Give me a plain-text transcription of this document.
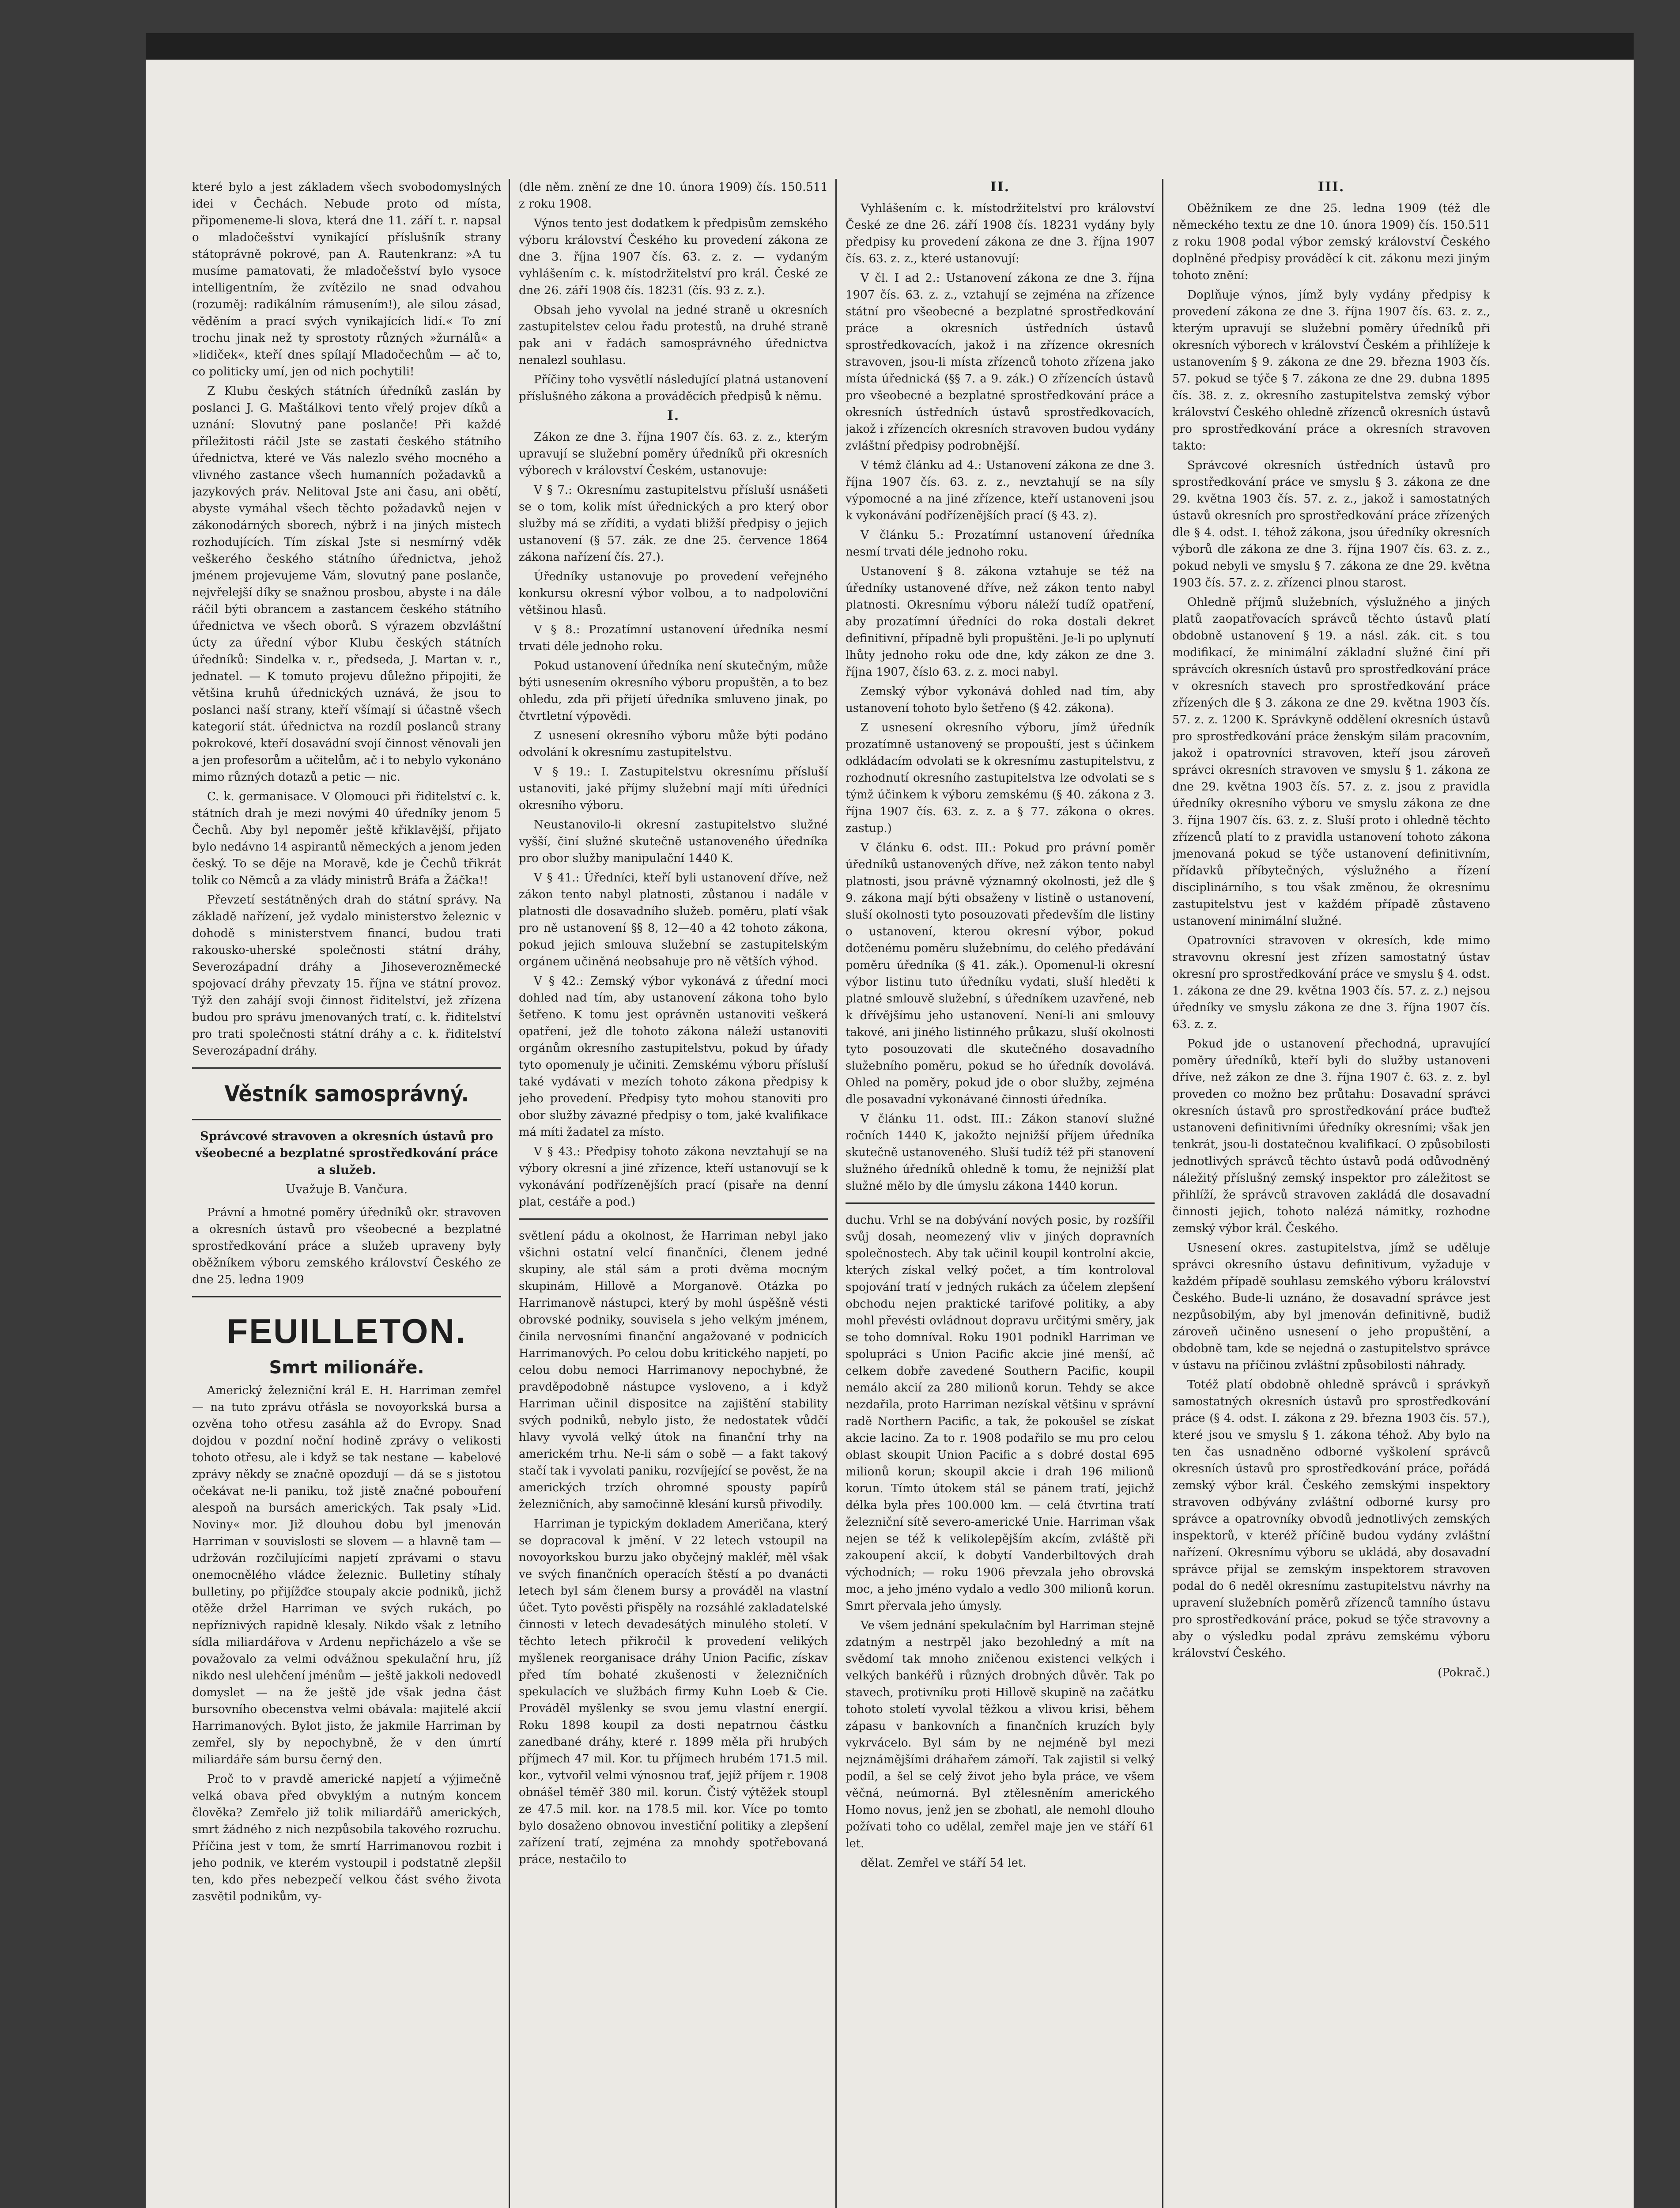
které bylo a jest základem všech svobodomyslných idei v Čechách. Nebude proto od místa, připomeneme-li slova, která dne 11. září t. r. napsal o mladočešství vynikající příslušník strany státoprávně pokrové, pan A. Rautenkranz: »A tu musíme pamatovati, že mladočešství bylo vysoce intelligentním, že zvítězilo ne snad odvahou (rozuměj: radikálním rámusením!), ale silou zásad, věděním a prací svých vynikajících lidí.« To zní trochu jinak než ty sprostoty různých »žurnálů« a »lidiček«, kteří dnes spílají Mladočechům — ač to, co politicky umí, jen od nich pochytili!

Z Klubu českých státních úředníků zaslán by poslanci J. G. Maštálkovi tento vřelý projev díků a uznání: Slovutný pane poslanče! Při každé příležitosti ráčil Jste se zastati českého státního úřednictva, které ve Vás nalezlo svého mocného a vlivného zastance všech humanních požadavků a jazykových práv. Nelitoval Jste ani času, ani obětí, abyste vymáhal všech těchto požadavků nejen v zákonodárných sborech, nýbrž i na jiných místech rozhodujících. Tím získal Jste si nesmírný vděk veškerého českého státního úřednictva, jehož jménem projevujeme Vám, slovutný pane poslanče, nejvřelejší díky se snažnou prosbou, abyste i na dále ráčil býti obrancem a zastancem českého státního úřednictva ve všech oborů. S výrazem obzvláštní úcty za úřední výbor Klubu českých státních úředníků: Sindelka v. r., předseda, J. Martan v. r., jednatel. — K tomuto projevu důležno připojiti, že většina kruhů úřednických uznává, že jsou to poslanci naší strany, kteří všímají si účastně všech kategorií stát. úřednictva na rozdíl poslanců strany pokrokové, kteří dosavádní svojí činnost věnovali jen a jen profesorům a učitelům, ač i to nebylo vykonáno mimo různých dotazů a petic — nic.

C. k. germanisace. V Olomouci při řiditelství c. k. státních drah je mezi novými 40 úředníky jenom 5 Čechů. Aby byl nepoměr ještě křiklavější, přijato bylo nedávno 14 aspirantů německých a jenom jeden český. To se děje na Moravě, kde je Čechů třikrát tolik co Němců a za vlády ministrů Bráfa a Žáčka!!

Převzetí sestátněných drah do státní správy. Na základě nařízení, jež vydalo ministerstvo železnic v dohodě s ministerstvem financí, budou trati rakousko-uherské společnosti státní dráhy, Severozápadní dráhy a Jihoseverozněmecké spojovací dráhy převzaty 15. října ve státní provoz. Týž den zahájí svoji činnost řiditelství, jež zřízena budou pro správu jmenovaných tratí, c. k. řiditelství pro trati společnosti státní dráhy a c. k. řiditelství Severozápadní dráhy.

Věstník samosprávný.
Správcové stravoven a okresních ústavů pro všeobecné a bezplatné sprostředkování práce a služeb.
Uvažuje B. Vančura.

Právní a hmotné poměry úředníků okr. stravoven a okresních ústavů pro všeobecné a bezplatné sprostředkování práce a služeb upraveny byly oběžníkem výboru zemského království Českého ze dne 25. ledna 1909

FEUILLETON.
Smrt milionáře.

Americký železniční král E. H. Harriman zemřel — na tuto zprávu otřásla se novoyorkská bursa a ozvěna toho otřesu zasáhla až do Evropy. Snad dojdou v pozdní noční hodině zprávy o velikosti tohoto otřesu, ale i když se tak nestane — kabelové zprávy někdy se značně opozdují — dá se s jistotou očekávat ne-li paniku, tož jistě značné pobouření alespoň na bursách amerických. Tak psaly »Lid. Noviny« mor. Již dlouhou dobu byl jmenován Harriman v souvislosti se slovem — a hlavně tam — udržován rozčilujícími napjetí zprávami o stavu onemocnělého vládce železnic. Bulletiny stíhaly bulletiny, po přijížďce stoupaly akcie podniků, jichž otěže držel Harriman ve svých rukách, po nepříznivých rapidně klesaly. Nikdo však z letního sídla miliardářova v Ardenu nepřicházelo a vše se považovalo za velmi odvážnou spekulační hru, jíž nikdo nesl ulehčení jménům — ještě jakkoli nedovedl domyslet — na že ještě jde však jedna část bursovního obecenstva velmi obávala: majitelé akcií Harrimanových. Bylot jisto, že jakmile Harriman by zemřel, sly by nepochybně, že v den úmrtí miliardáře sám bursu černý den.

Proč to v pravdě americké napjetí a výjimečně velká obava před obvyklým a nutným koncem člověka? Zemřelo již tolik miliardářů amerických, smrt žádného z nich nezpůsobila takového rozruchu. Příčina jest v tom, že smrtí Harrimanovou rozbit i jeho podnik, ve kterém vystoupil i podstatně zlepšil ten, kdo přes nebezpečí velkou část svého života zasvětil podnikům, vy-

(dle něm. znění ze dne 10. února 1909) čís. 150.511 z roku 1908.

Výnos tento jest dodatkem k předpisům zemského výboru království Českého ku provedení zákona ze dne 3. října 1907 čís. 63. z. z. — vydaným vyhlášením c. k. místodržitelství pro král. České ze dne 26. září 1908 čís. 18231 (čís. 93 z. z.).

Obsah jeho vyvolal na jedné straně u okresních zastupitelstev celou řadu protestů, na druhé straně pak ani v řadách samosprávného úřednictva nenalezl souhlasu.

Příčiny toho vysvětlí následující platná ustanovení příslušného zákona a prováděcích předpisů k němu.

I.

Zákon ze dne 3. října 1907 čís. 63. z. z., kterým upravují se služební poměry úředníků při okresních výborech v království Českém, ustanovuje:

V § 7.: Okresnímu zastupitelstvu přísluší usnášeti se o tom, kolik míst úřednických a pro který obor služby má se zříditi, a vydati bližší předpisy o jejich ustanovení (§ 57. zák. ze dne 25. července 1864 zákona nařízení čís. 27.).

Úředníky ustanovuje po provedení veřejného konkursu okresní výbor volbou, a to nadpoloviční většinou hlasů.

V § 8.: Prozatímní ustanovení úředníka nesmí trvati déle jednoho roku.

Pokud ustanovení úředníka není skutečným, může býti usnesením okresního výboru propuštěn, a to bez ohledu, zda při přijetí úředníka smluveno jinak, po čtvrtletní výpovědi.

Z usnesení okresního výboru může býti podáno odvolání k okresnímu zastupitelstvu.

V § 19.: I. Zastupitelstvu okresnímu přísluší ustanoviti, jaké příjmy služební mají míti úředníci okresního výboru.

Neustanovilo-li okresní zastupitelstvo služné vyšší, činí služné skutečně ustanoveného úředníka pro obor služby manipulační 1440 K.

V § 41.: Úředníci, kteří byli ustanovení dříve, než zákon tento nabyl platnosti, zůstanou i nadále v platnosti dle dosavadního služeb. poměru, platí však pro ně ustanovení §§ 8, 12—40 a 42 tohoto zákona, pokud jejich smlouva služební se zastupitelským orgánem učiněná neobsahuje pro ně větších výhod.

V § 42.: Zemský výbor vykonává z úřední moci dohled nad tím, aby ustanovení zákona toho bylo šetřeno. K tomu jest oprávněn ustanoviti veškerá opatření, jež dle tohoto zákona náleží ustanoviti orgánům okresního zastupitelstvu, pokud by úřady tyto opomenuly je učiniti. Zemskému výboru přísluší také vydávati v mezích tohoto zákona předpisy k jeho provedení. Předpisy tyto mohou stanoviti pro obor služby závazné předpisy o tom, jaké kvalifikace má míti žadatel za místo.

V § 43.: Předpisy tohoto zákona nevztahují se na výbory okresní a jiné zřízence, kteří ustanovují se k vykonávání podřízenějších prací (pisaře na denní plat, cestáře a pod.)

světlení pádu a okolnost, že Harriman nebyl jako všichni ostatní velcí finančníci, členem jedné skupiny, ale stál sám a proti dvěma mocným skupinám, Hillově a Morganově. Otázka po Harrimanově nástupci, který by mohl úspěšně vésti obrovské podniky, souvisela s jeho velkým jménem, činila nervosními finanční angažované v podnicích Harrimanových. Po celou dobu kritického napjetí, po celou dobu nemoci Harrimanovy nepochybné, že pravděpodobně nástupce vysloveno, a i když Harriman učinil dispositce na zajištění stability svých podniků, nebylo jisto, že nedostatek vůdčí hlavy vyvolá velký útok na finanční trhy na americkém trhu. Ne-li sám o sobě — a fakt takový stačí tak i vyvolati paniku, rozvíjející se pověst, že na amerických trzích ohromné spousty papírů železničních, aby samočinně klesání kursů přivodily.

Harriman je typickým dokladem Američana, který se dopracoval k jmění. V 22 letech vstoupil na novoyorkskou burzu jako obyčejný makléř, měl však ve svých finančních operacích štěstí a po dvanácti letech byl sám členem bursy a prováděl na vlastní účet. Tyto pověsti přispěly na rozsáhlé zakladatelské činnosti v letech devadesátých minulého století. V těchto letech přikročil k provedení velikých myšlenek reorganisace dráhy Union Pacific, získav před tím bohaté zkušenosti v železničních spekulacích ve službách firmy Kuhn Loeb & Cie. Prováděl myšlenky se svou jemu vlastní energií. Roku 1898 koupil za dosti nepatrnou částku zanedbané dráhy, které r. 1899 měla při hrubých příjmech 47 mil. Kor. tu příjmech hrubém 171.5 mil. kor., vytvořil velmi výnosnou trať, jejíž příjem r. 1908 obnášel téměř 380 mil. korun. Čistý výtěžek stoupl ze 47.5 mil. kor. na 178.5 mil. kor. Více po tomto bylo dosaženo obnovou investiční politiky a zlepšení zařízení tratí, zejména za mnohdy spotřebovaná práce, nestačilo to

II.

Vyhlášením c. k. místodržitelství pro království České ze dne 26. září 1908 čís. 18231 vydány byly předpisy ku provedení zákona ze dne 3. října 1907 čís. 63. z. z., které ustanovují:

V čl. I ad 2.: Ustanovení zákona ze dne 3. října 1907 čís. 63. z. z., vztahují se zejména na zřízence státní pro všeobecné a bezplatné sprostředkování práce a okresních ústředních ústavů sprostředkovacích, jakož i na zřízence okresních stravoven, jsou-li místa zřízenců tohoto zřízena jako místa úřednická (§§ 7. a 9. zák.) O zřízencích ústavů pro všeobecné a bezplatné sprostředkování práce a okresních ústředních ústavů sprostředkovacích, jakož i zřízencích okresních stravoven budou vydány zvláštní předpisy podrobnější.

V témž článku ad 4.: Ustanovení zákona ze dne 3. října 1907 čís. 63. z. z., nevztahují se na síly výpomocné a na jiné zřízence, kteří ustanoveni jsou k vykonávání podřízenějších prací (§ 43. z).

V článku 5.: Prozatímní ustanovení úředníka nesmí trvati déle jednoho roku.

Ustanovení § 8. zákona vztahuje se též na úředníky ustanovené dříve, než zákon tento nabyl platnosti. Okresnímu výboru náleží tudíž opatření, aby prozatímní úředníci do roka dostali dekret definitivní, případně byli propuštěni. Je-li po uplynutí lhůty jednoho roku ode dne, kdy zákon ze dne 3. října 1907, číslo 63. z. z. moci nabyl.

Zemský výbor vykonává dohled nad tím, aby ustanovení tohoto bylo šetřeno (§ 42. zákona).

Z usnesení okresního výboru, jímž úředník prozatímně ustanovený se propouští, jest s účinkem odkládacím odvolati se k okresnímu zastupitelstvu, z rozhodnutí okresního zastupitelstva lze odvolati se s týmž účinkem k výboru zemskému (§ 40. zákona z 3. října 1907 čís. 63. z. z. a § 77. zákona o okres. zastup.)

V článku 6. odst. III.: Pokud pro právní poměr úředníků ustanovených dříve, než zákon tento nabyl platnosti, jsou právně významný okolnosti, jež dle § 9. zákona mají býti obsaženy v listině o ustanovení, sluší okolnosti tyto posouzovati především dle listiny o ustanovení, kterou okresní výbor, pokud dotčenému poměru služebnímu, do celého předávání poměru úředníka (§ 41. zák.). Opomenul-li okresní výbor listinu tuto úředníku vydati, sluší hleděti k platné smlouvě služební, s úředníkem uzavřené, neb k dřívějšímu jeho ustanovení. Není-li ani smlouvy takové, ani jiného listinného průkazu, sluší okolnosti tyto posouzovati dle skutečného dosavadního služebního poměru, pokud se ho úředník dovolává. Ohled na poměry, pokud jde o obor služby, zejména dle posavadní vykonávané činnosti úředníka.

V článku 11. odst. III.: Zákon stanoví služné ročních 1440 K, jakožto nejnižší příjem úředníka skutečně ustanoveného. Sluší tudíž též při stanovení služného úředníků ohledně k tomu, že nejnižší plat služné mělo by dle úmyslu zákona 1440 korun.

duchu. Vrhl se na dobývání nových posic, by rozšířil svůj dosah, neomezený vliv v jiných dopravních společnostech. Aby tak učinil koupil kontrolní akcie, kterých získal velký počet, a tím kontroloval spojování tratí v jedných rukách za účelem zlepšení obchodu nejen praktické tarifové politiky, a aby mohl převésti ovládnout dopravu určitými směry, jak se toho domníval. Roku 1901 podnikl Harriman ve spolupráci s Union Pacific akcie jiné menší, ač celkem dobře zavedené Southern Pacific, koupil nemálo akcií za 280 milionů korun. Tehdy se akce nezdařila, proto Harriman nezískal většinu v správní radě Northern Pacific, a tak, že pokoušel se získat akcie lacino. Za to r. 1908 podařilo se mu pro celou oblast skoupit Union Pacific a s dobré dostal 695 milionů korun; skoupil akcie i drah 196 milionů korun. Tímto útokem stál se pánem tratí, jejichž délka byla přes 100.000 km. — celá čtvrtina tratí železniční sítě severo-americké Unie. Harriman však nejen se též k velikolepějším akcím, zvláště při zakoupení akcií, k dobytí Vanderbiltových drah východních; — roku 1906 převzala jeho obrovská moc, a jeho jméno vydalo a vedlo 300 milionů korun. Smrt přervala jeho úmysly.

Ve všem jednání spekulačním byl Harriman stejně zdatným a nestrpěl jako bezohledný a mít na svědomí tak mnoho zničenou existenci velkých i velkých bankéřů i různých drobných důvěr. Tak po stavech, protivníku proti Hillově skupině na začátku tohoto století vyvolal těžkou a vlivou krisi, během zápasu v bankovních a finančních kruzích byly vykrvácelo. Byl sám by ne nejméně byl mezi nejznámějšími dráhařem zámoří. Tak zajistil si velký podíl, a šel se celý život jeho byla práce, ve všem věčná, neúmorná. Byl ztělesněním amerického Homo novus, jenž jen se zbohatl, ale nemohl dlouho požívati toho co udělal, zemřel maje jen ve stáří 61 let.

dělat. Zemřel ve stáří 54 let.

III.

Oběžníkem ze dne 25. ledna 1909 (též dle německého textu ze dne 10. února 1909) čís. 150.511 z roku 1908 podal výbor zemský království Českého doplněné předpisy prováděcí k cit. zákonu mezi jiným tohoto znění:

Doplňuje výnos, jímž byly vydány předpisy k provedení zákona ze dne 3. října 1907 čís. 63. z. z., kterým upravují se služební poměry úředníků při okresních výborech v království Českém a přihlížeje k ustanovením § 9. zákona ze dne 29. března 1903 čís. 57. pokud se týče § 7. zákona ze dne 29. dubna 1895 čís. 38. z. z. okresního zastupitelstva zemský výbor království Českého ohledně zřízenců okresních ústavů pro sprostředkování práce a okresních stravoven takto:

Správcové okresních ústředních ústavů pro sprostředkování práce ve smyslu § 3. zákona ze dne 29. května 1903 čís. 57. z. z., jakož i samostatných ústavů okresních pro sprostředkování práce zřízených dle § 4. odst. I. téhož zákona, jsou úředníky okresních výborů dle zákona ze dne 3. října 1907 čís. 63. z. z., pokud nebyli ve smyslu § 7. zákona ze dne 29. května 1903 čís. 57. z. z. zřízenci plnou starost.

Ohledně příjmů služebních, výslužného a jiných platů zaopatřovacích správců těchto ústavů platí obdobně ustanovení § 19. a násl. zák. cit. s tou modifikací, že minimální základní služné činí při správcích okresních ústavů pro sprostředkování práce v okresních stavech pro sprostředkování práce zřízených dle § 3. zákona ze dne 29. května 1903 čís. 57. z. z. 1200 K. Správkyně oddělení okresních ústavů pro sprostředkování práce ženským silám pracovním, jakož i opatrovníci stravoven, kteří jsou zároveň správci okresních stravoven ve smyslu § 1. zákona ze dne 29. května 1903 čís. 57. z. z. jsou z pravidla úředníky okresního výboru ve smyslu zákona ze dne 3. října 1907 čís. 63. z. z. Sluší proto i ohledně těchto zřízenců platí to z pravidla ustanovení tohoto zákona jmenovaná pokud se týče ustanovení definitivním, přídavků příbytečných, výslužného a řízení disciplinárního, s tou však změnou, že okresnímu zastupitelstvu jest v každém případě zůstaveno ustanovení minimální služné.

Opatrovníci stravoven v okresích, kde mimo stravovnu okresní jest zřízen samostatný ústav okresní pro sprostředkování práce ve smyslu § 4. odst. 1. zákona ze dne 29. května 1903 čís. 57. z. z.) nejsou úředníky ve smyslu zákona ze dne 3. října 1907 čís. 63. z. z.

Pokud jde o ustanovení přechodná, upravující poměry úředníků, kteří byli do služby ustanoveni dříve, než zákon ze dne 3. října 1907 č. 63. z. z. byl proveden co možno bez průtahu: Dosavadní správci okresních ústavů pro sprostředkování práce buďtež ustanoveni definitivními úředníky okresními; však jen tenkrát, jsou-li dostatečnou kvalifikací. O způsobilosti jednotlivých správců těchto ústavů podá odůvodněný náležitý příslušný zemský inspektor pro záležitost se přihlíží, že správců stravoven zakládá dle dosavadní činnosti jejich, tohoto nalézá námitky, rozhodne zemský výbor král. Českého.

Usnesení okres. zastupitelstva, jímž se uděluje správci okresního ústavu definitivum, vyžaduje v každém případě souhlasu zemského výboru království Českého. Bude-li uznáno, že dosavadní správce jest nezpůsobilým, aby byl jmenován definitivně, budiž zároveň učiněno usnesení o jeho propuštění, a obdobně tam, kde se nejedná o zastupitelstvo správce v ústavu na příčinou zvláštní způsobilosti náhrady.

Totéž platí obdobně ohledně správců i správkyň samostatných okresních ústavů pro sprostředkování práce (§ 4. odst. I. zákona z 29. března 1903 čís. 57.), které jsou ve smyslu § 1. zákona téhož. Aby bylo na ten čas usnadněno odborné vyškolení správců okresních ústavů pro sprostředkování práce, pořádá zemský výbor král. Českého zemskými inspektory stravoven odbývány zvláštní odborné kursy pro správce a opatrovníky obvodů jednotlivých zemských inspektorů, v kteréž příčině budou vydány zvláštní nařízení. Okresnímu výboru se ukládá, aby dosavadní správce přijal se zemským inspektorem stravoven podal do 6 neděl okresnímu zastupitelstvu návrhy na upravení služebních poměrů zřízenců tamního ústavu pro sprostředkování práce, pokud se týče stravovny a aby o výsledku podal zprávu zemskému výboru království Českého.

(Pokrač.)
